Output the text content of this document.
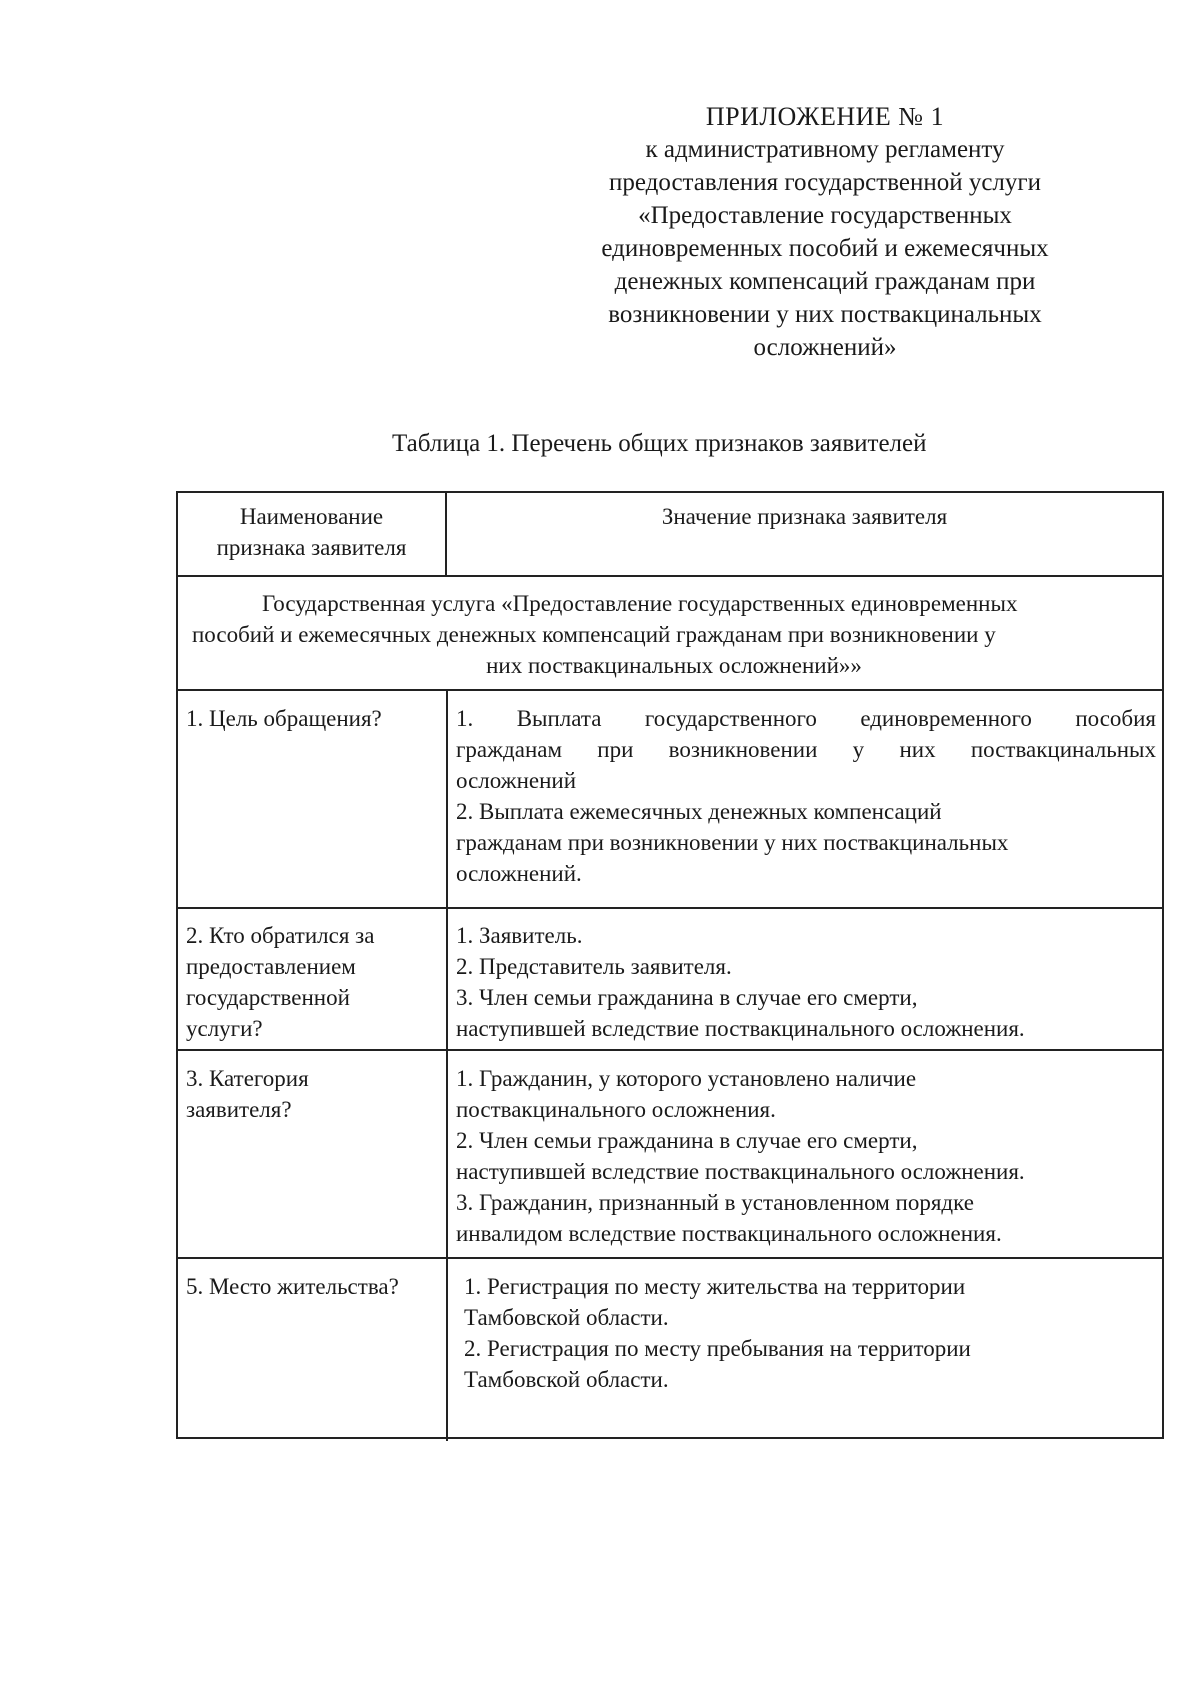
ПРИЛОЖЕНИЕ № 1
к административному регламенту
предоставления государственной услуги
«Предоставление государственных
единовременных пособий и ежемесячных
денежных компенсаций гражданам при
возникновении у них поствакцинальных
осложнений»
Таблица 1. Перечень общих признаков заявителей
Наименование
признака заявителя
Значение признака заявителя
Государственная услуга «Предоставление государственных единовременных
пособий и ежемесячных денежных компенсаций гражданам при возникновении у
них поствакцинальных осложнений»»
1. Цель обращения?	1. Выплата государственного единовременного пособия
гражданам при возникновении у них поствакцинальных
осложнений
2. Выплата ежемесячных денежных компенсаций
гражданам при возникновении у них поствакцинальных
осложнений.
2. Кто обратился за
предоставлением
государственной
услуги?
1. Заявитель.
2. Представитель заявителя.
3. Член семьи гражданина в случае его смерти,
наступившей вследствие поствакцинального осложнения.
3. Категория
заявителя?
1. Гражданин, у которого установлено наличие
поствакцинального осложнения.
2. Член семьи гражданина в случае его смерти,
наступившей вследствие поствакцинального осложнения.
3. Гражданин, признанный в установленном порядке
инвалидом вследствие поствакцинального осложнения.
5. Место жительства?	1. Регистрация по месту жительства на территории
Тамбовской области.
2. Регистрация по месту пребывания на территории
Тамбовской области.
